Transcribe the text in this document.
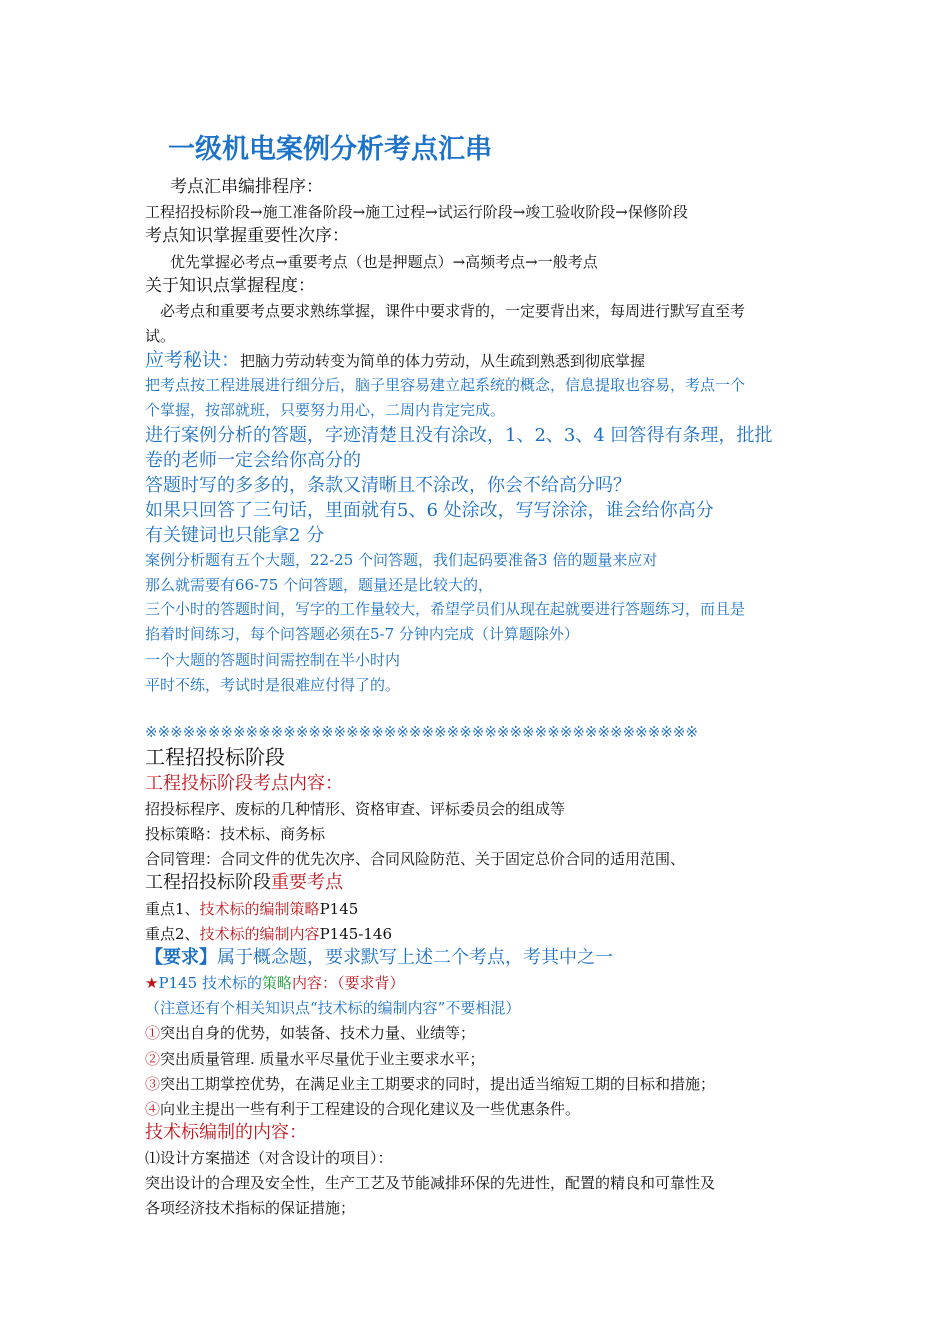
一级机电案例分析考点汇串
考点汇串编排程序：
工程招投标阶段→施工准备阶段→施工过程→试运行阶段→竣工验收阶段→保修阶段
考点知识掌握重要性次序：
优先掌握必考点→重要考点（也是押题点）→高频考点→一般考点
关于知识点掌握程度：
必考点和重要考点要求熟练掌握，课件中要求背的，一定要背出来，每周进行默写直至考
试。
应考秘诀：把脑力劳动转变为简单的体力劳动，从生疏到熟悉到彻底掌握
把考点按工程进展进行细分后，脑子里容易建立起系统的概念，信息提取也容易，考点一个
个掌握，按部就班，只要努力用心，二周内肯定完成。
进行案例分析的答题，字迹清楚且没有涂改，1、2、3、4 回答得有条理，批批
卷的老师一定会给你高分的
答题时写的多多的，条款又清晰且不涂改，你会不给高分吗？
如果只回答了三句话，里面就有5、6 处涂改，写写涂涂，谁会给你高分
有关键词也只能拿2 分
案例分析题有五个大题，22-25 个问答题，我们起码要准备3 倍的题量来应对
那么就需要有66-75 个问答题，题量还是比较大的，
三个小时的答题时间，写字的工作量较大，希望学员们从现在起就要进行答题练习，而且是
掐着时间练习，每个问答题必须在5-7 分钟内完成（计算题除外）
一个大题的答题时间需控制在半小时内
平时不练，考试时是很难应付得了的。
※※※※※※※※※※※※※※※※※※※※※※※※※※※※※※※※※※※※※※※※※※※※
工程招投标阶段
工程投标阶段考点内容：
招投标程序、废标的几种情形、资格审查、评标委员会的组成等
投标策略：技术标、商务标
合同管理：合同文件的优先次序、合同风险防范、关于固定总价合同的适用范围、
工程招投标阶段重要考点
重点1、技术标的编制策略P145
重点2、技术标的编制内容P145-146
【要求】属于概念题，要求默写上述二个考点，考其中之一
★P145 技术标的策略内容：（要求背）
（注意还有个相关知识点“技术标的编制内容”不要相混）
①突出自身的优势，如装备、技术力量、业绩等；
②突出质量管理. 质量水平尽量优于业主要求水平；
③突出工期掌控优势，在满足业主工期要求的同时，提出适当缩短工期的目标和措施；
④向业主提出一些有利于工程建设的合现化建议及一些优惠条件。
技术标编制的内容：
⑴设计方案描述（对含设计的项目）：
突出设计的合理及安全性，生产工艺及节能减排环保的先进性，配置的精良和可靠性及
各项经济技术指标的保证措施；
